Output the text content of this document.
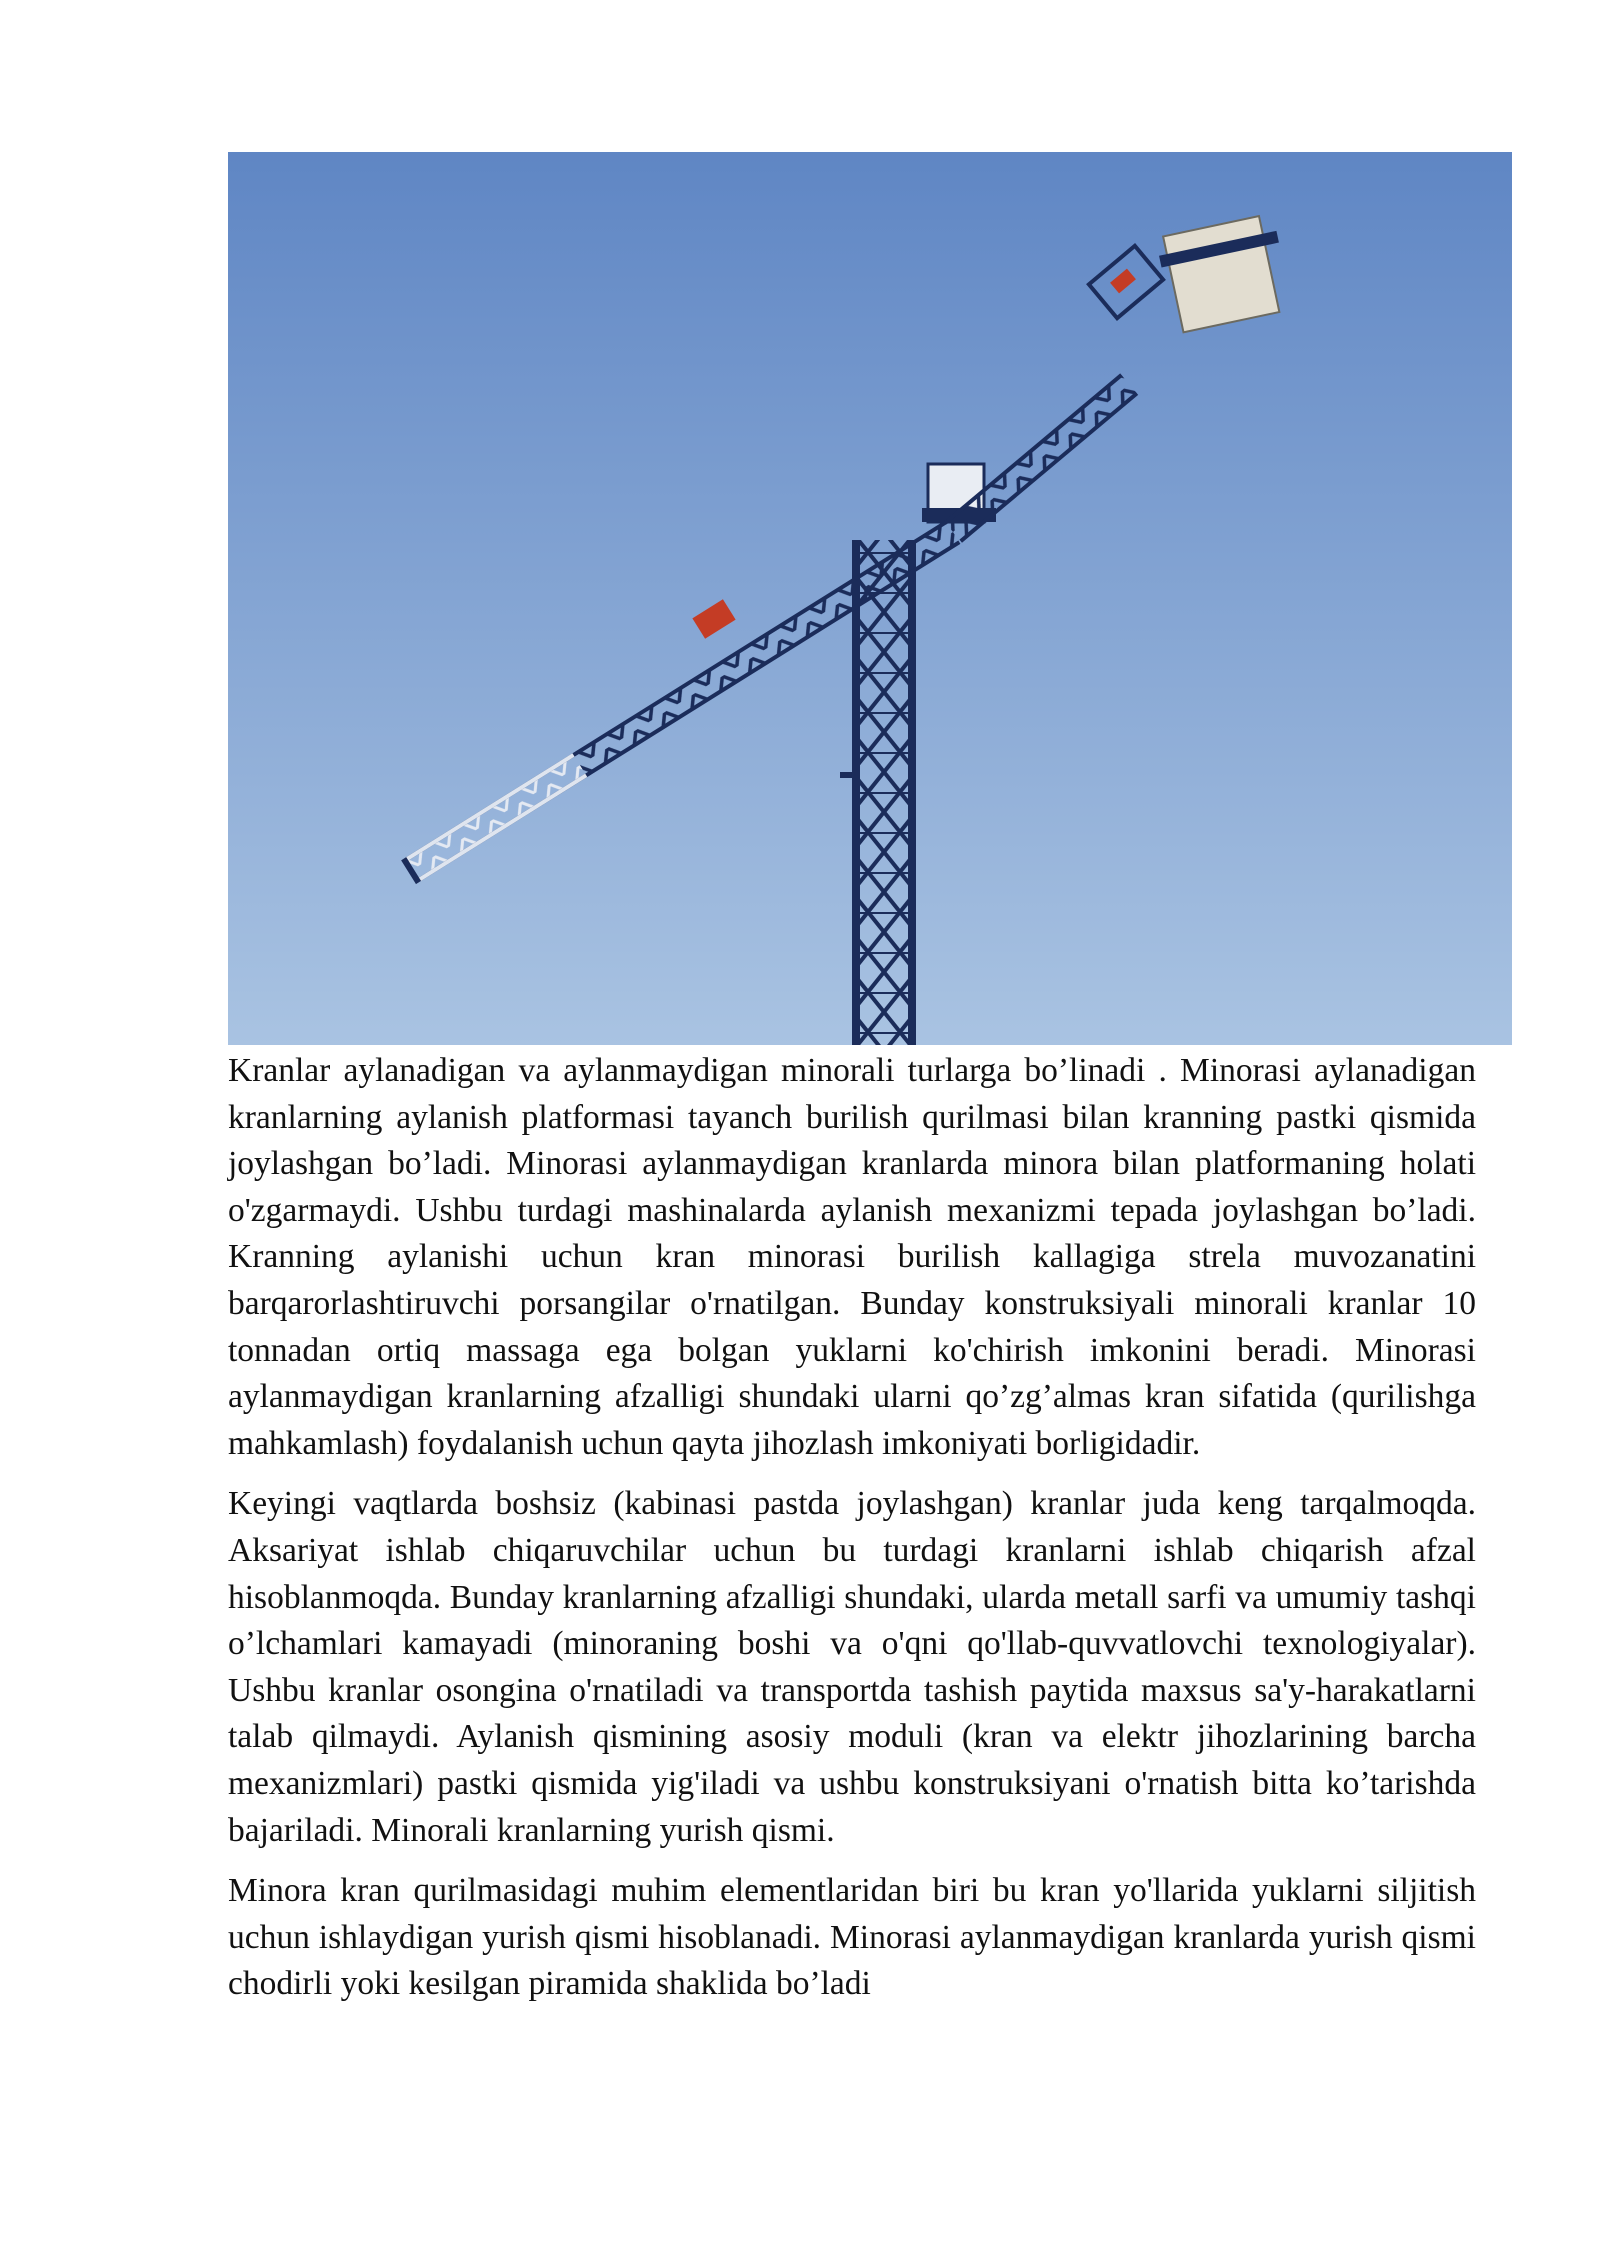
Kranlar aylanadigan va aylanmaydigan minorali turlarga bo’linadi . Minorasi aylanadigan kranlarning aylanish platformasi tayanch burilish qurilmasi bilan kranning pastki qismida joylashgan bo’ladi. Minorasi aylanmaydigan kranlarda minora bilan platformaning holati o'zgarmaydi. Ushbu turdagi mashinalarda aylanish mexanizmi tepada joylashgan bo’ladi. Kranning aylanishi uchun kran minorasi burilish kallagiga strela muvozanatini barqarorlashtiruvchi porsangilar o'rnatilgan. Bunday konstruksiyali minorali kranlar 10 tonnadan ortiq massaga ega bolgan yuklarni ko'chirish imkonini beradi. Minorasi aylanmaydigan kranlarning afzalligi shundaki ularni qo’zg’almas kran sifatida (qurilishga mahkamlash) foydalanish uchun qayta jihozlash imkoniyati borligidadir.

Keyingi vaqtlarda boshsiz (kabinasi pastda joylashgan) kranlar juda keng tarqalmoqda. Aksariyat ishlab chiqaruvchilar uchun bu turdagi kranlarni ishlab chiqarish afzal hisoblanmoqda. Bunday kranlarning afzalligi shundaki, ularda metall sarfi va umumiy tashqi o’lchamlari kamayadi (minoraning boshi va o'qni qo'llab-quvvatlovchi texnologiyalar). Ushbu kranlar osongina o'rnatiladi va transportda tashish paytida maxsus sa'y-harakatlarni talab qilmaydi. Aylanish qismining asosiy moduli (kran va elektr jihozlarining barcha mexanizmlari) pastki qismida yig'iladi va ushbu konstruksiyani o'rnatish bitta ko’tarishda bajariladi. Minorali kranlarning yurish qismi.

Minora kran qurilmasidagi muhim elementlaridan biri bu kran yo'llarida yuklarni siljitish uchun ishlaydigan yurish qismi hisoblanadi. Minorasi aylanmaydigan kranlarda yurish qismi chodirli yoki kesilgan piramida shaklida bo’ladi
